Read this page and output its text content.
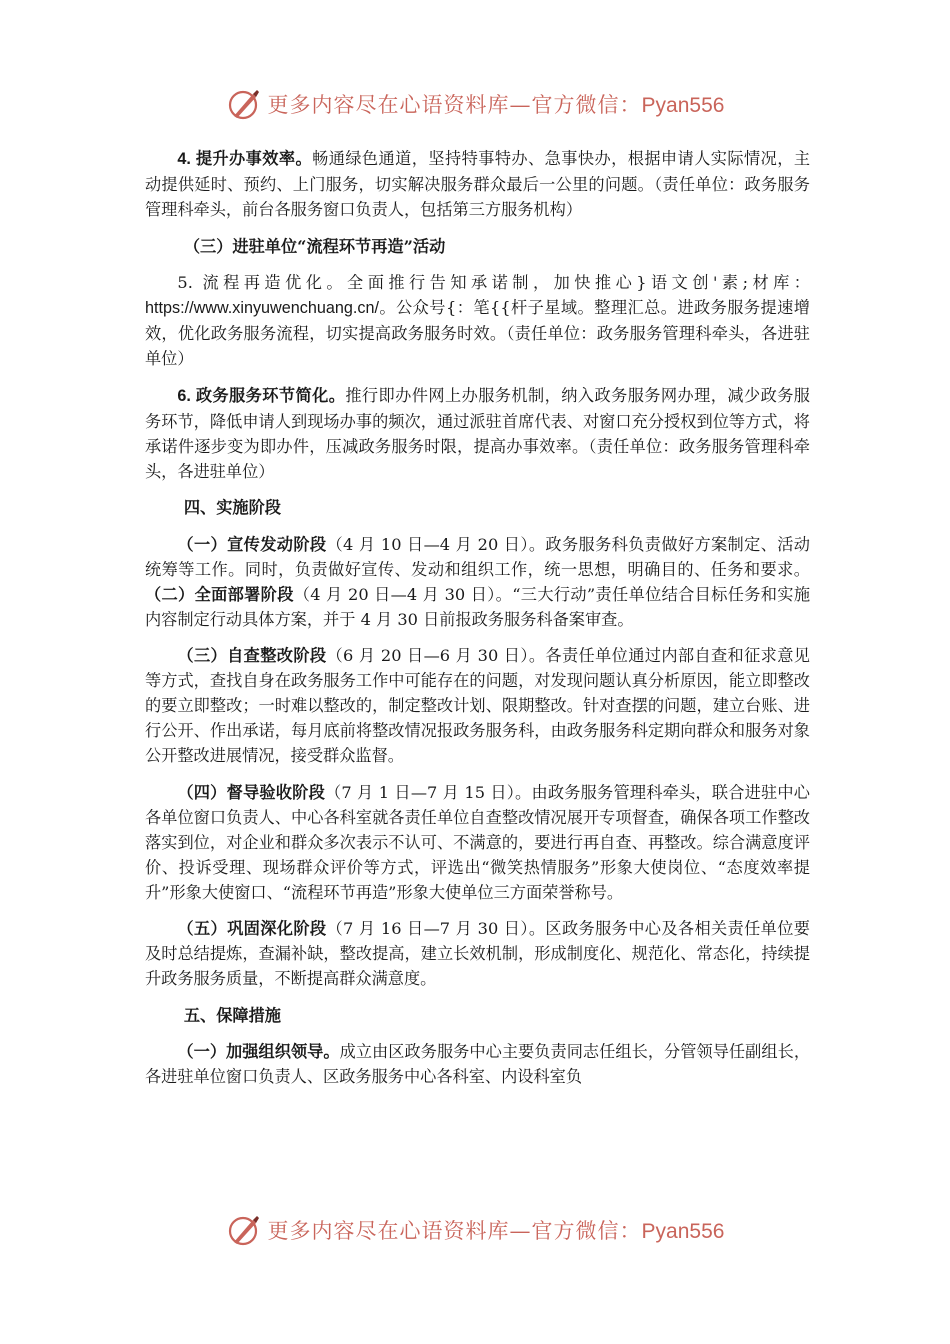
更多内容尽在心语资料库—官方微信：Pyan556

4. 提升办事效率。畅通绿色通道，坚持特事特办、急事快办，根据申请人实际情况，主动提供延时、预约、上门服务，切实解决服务群众最后一公里的问题。（责任单位：政务服务管理科牵头，前台各服务窗口负责人，包括第三方服务机构）

（三）进驻单位“流程环节再造”活动

5. 流程再造优化。全面推行告知承诺制，加快推心}语文创'素;材库：https://www.xinyuwenchuang.cn/。公众号{：笔{{杆子星域。整理汇总。进政务服务提速增效，优化政务服务流程，切实提高政务服务时效。（责任单位：政务服务管理科牵头，各进驻单位）

6. 政务服务环节简化。推行即办件网上办服务机制，纳入政务服务网办理，减少政务服务环节，降低申请人到现场办事的频次，通过派驻首席代表、对窗口充分授权到位等方式，将承诺件逐步变为即办件，压减政务服务时限，提高办事效率。（责任单位：政务服务管理科牵头，各进驻单位）

四、实施阶段

（一）宣传发动阶段（4 月 10 日—4 月 20 日）。政务服务科负责做好方案制定、活动统筹等工作。同时，负责做好宣传、发动和组织工作，统一思想，明确目的、任务和要求。（二）全面部署阶段（4 月 20 日—4 月 30 日）。“三大行动”责任单位结合目标任务和实施内容制定行动具体方案，并于 4 月 30 日前报政务服务科备案审查。

（三）自查整改阶段（6 月 20 日—6 月 30 日）。各责任单位通过内部自查和征求意见等方式，查找自身在政务服务工作中可能存在的问题，对发现问题认真分析原因，能立即整改的要立即整改；一时难以整改的，制定整改计划、限期整改。针对查摆的问题，建立台账、进行公开、作出承诺，每月底前将整改情况报政务服务科，由政务服务科定期向群众和服务对象公开整改进展情况，接受群众监督。

（四）督导验收阶段（7 月 1 日—7 月 15 日）。由政务服务管理科牵头，联合进驻中心各单位窗口负责人、中心各科室就各责任单位自查整改情况展开专项督查，确保各项工作整改落实到位，对企业和群众多次表示不认可、不满意的，要进行再自查、再整改。综合满意度评价、投诉受理、现场群众评价等方式，评选出“微笑热情服务”形象大使岗位、“态度效率提升”形象大使窗口、“流程环节再造”形象大使单位三方面荣誉称号。

（五）巩固深化阶段（7 月 16 日—7 月 30 日）。区政务服务中心及各相关责任单位要及时总结提炼，查漏补缺，整改提高，建立长效机制，形成制度化、规范化、常态化，持续提升政务服务质量，不断提高群众满意度。

五、保障措施

（一）加强组织领导。成立由区政务服务中心主要负责同志任组长，分管领导任副组长，各进驻单位窗口负责人、区政务服务中心各科室、内设科室负

更多内容尽在心语资料库—官方微信：Pyan556
